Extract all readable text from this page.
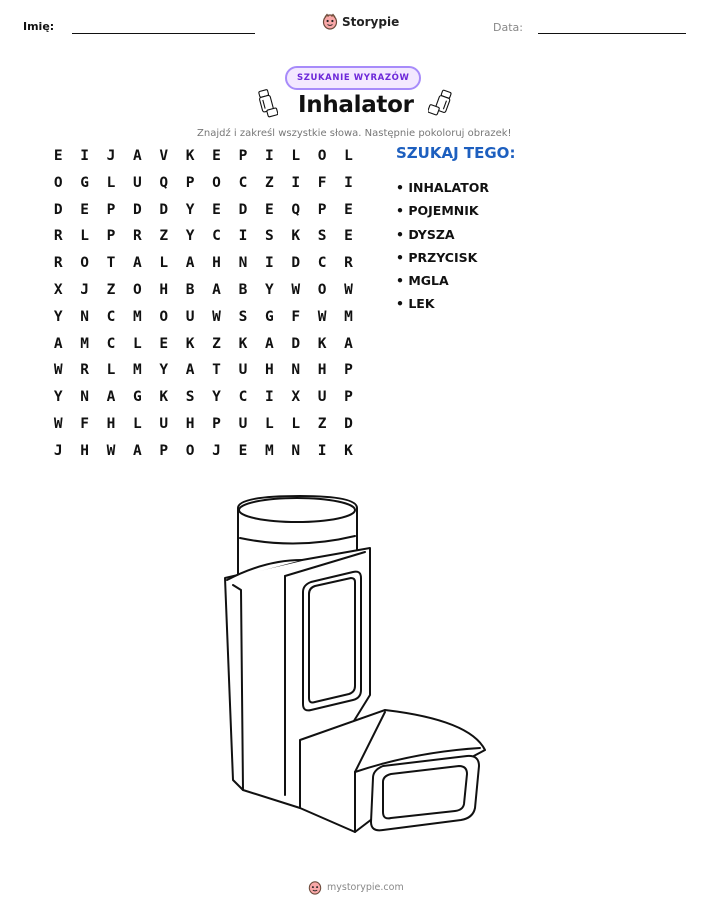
Imię:	Storypie	Data:
SZUKANIE WYRAZÓW
Inhalator
Znajdź i zakreśl wszystkie słowa. Następnie pokoloruj obrazek!
E	I	J	A	V	K	E	P	I	L	O	L
O	G	L	U	Q	P	O	C	Z	I	F	I
D	E	P	D	D	Y	E	D	E	Q	P	E
R	L	P	R	Z	Y	C	I	S	K	S	E
R	O	T	A	L	A	H	N	I	D	C	R
X	J	Z	O	H	B	A	B	Y	W	O	W
Y	N	C	M	O	U	W	S	G	F	W	M
A	M	C	L	E	K	Z	K	A	D	K	A
W	R	L	M	Y	A	T	U	H	N	H	P
Y	N	A	G	K	S	Y	C	I	X	U	P
W	F	H	L	U	H	P	U	L	L	Z	D
J	H	W	A	P	O	J	E	M	N	I	K
SZUKAJ TEGO:
• INHALATOR
• POJEMNIK
• DYSZA
• PRZYCISK
• MGLA
• LEK
mystorypie.com
